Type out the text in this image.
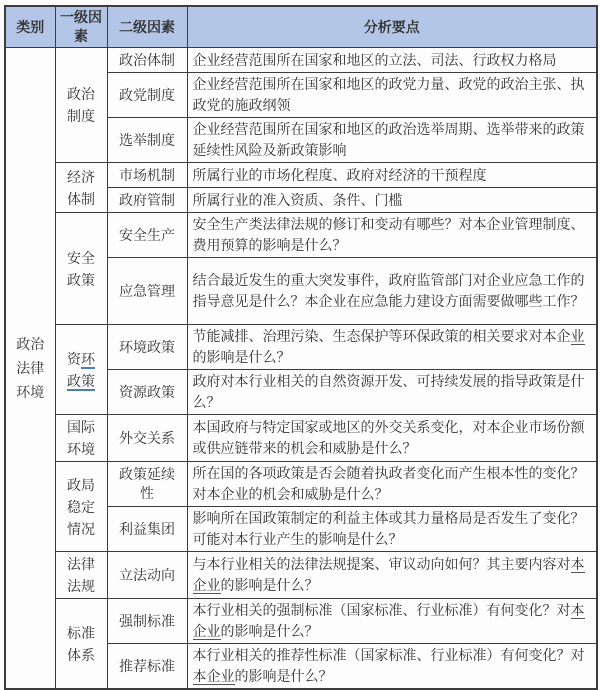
类别	一级因素	二级因素	分析要点
政治法律环境	政治制度	政治体制	企业经营范围所在国家和地区的立法、司法、行政权力格局
		政党制度	企业经营范围所在国家和地区的政党力量、政党的政治主张、执政党的施政纲领
		选举制度	企业经营范围所在国家和地区的政治选举周期、选举带来的政策延续性风险及新政策影响
	经济体制	市场机制	所属行业的市场化程度、政府对经济的干预程度
		政府管制	所属行业的准入资质、条件、门槛
	安全政策	安全生产	安全生产类法律法规的修订和变动有哪些？对本企业管理制度、费用预算的影响是什么？
		应急管理	结合最近发生的重大突发事件，政府监管部门对企业应急工作的指导意见是什么？本企业在应急能力建设方面需要做哪些工作？
	资环政策	环境政策	节能减排、治理污染、生态保护等环保政策的相关要求对本企业的影响是什么？
		资源政策	政府对本行业相关的自然资源开发、可持续发展的指导政策是什么？
	国际环境	外交关系	本国政府与特定国家或地区的外交关系变化，对本企业市场份额或供应链带来的机会和威胁是什么？
	政局稳定情况	政策延续性	所在国的各项政策是否会随着执政者变化而产生根本性的变化？对本企业的机会和威胁是什么？
		利益集团	影响所在国政策制定的利益主体或其力量格局是否发生了变化？可能对本行业产生的影响是什么？
	法律法规	立法动向	与本行业相关的法律法规提案、审议动向如何？其主要内容对本企业的影响是什么？
	标准体系	强制标准	本行业相关的强制标准（国家标准、行业标准）有何变化？对本企业的影响是什么？
		推荐标准	本行业相关的推荐性标准（国家标准、行业标准）有何变化？对本企业的影响是什么？
